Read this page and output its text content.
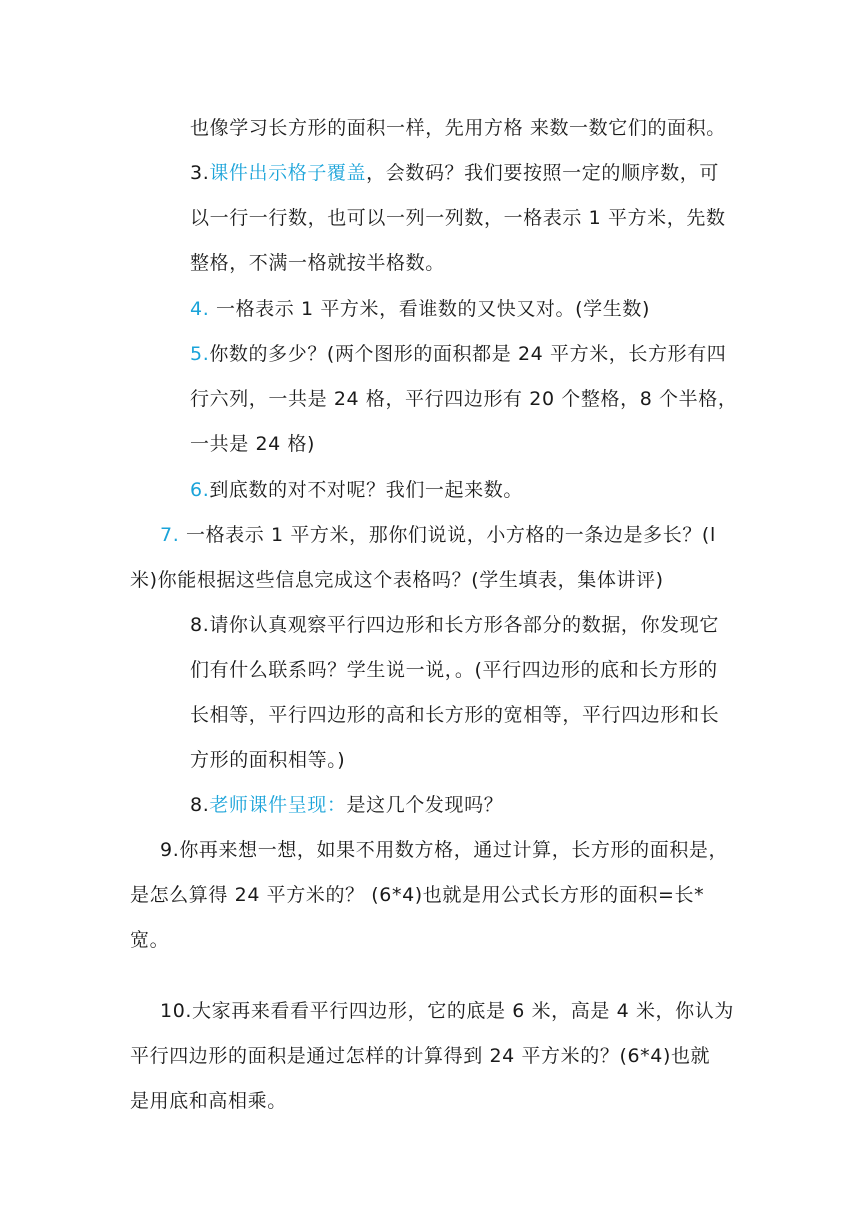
也像学习长方形的面积一样，先用方格 来数一数它们的面积。
3.课件出示格子覆盖，会数码？我们要按照一定的顺序数，可
以一行一行数，也可以一列一列数，一格表示 1 平方米，先数
整格，不满一格就按半格数。
4. 一格表示 1 平方米，看谁数的又快又对。(学生数)
5.你数的多少？(两个图形的面积都是 24 平方米，长方形有四
行六列，一共是 24 格，平行四边形有 20 个整格，8 个半格，
一共是 24 格)
6.到底数的对不对呢？我们一起来数。
7. 一格表示 1 平方米，那你们说说，小方格的一条边是多长？(l
米)你能根据这些信息完成这个表格吗？(学生填表，集体讲评)
8.请你认真观察平行四边形和长方形各部分的数据，你发现它
们有什么联系吗？学生说一说，。(平行四边形的底和长方形的
长相等，平行四边形的高和长方形的宽相等，平行四边形和长
方形的面积相等。)
8.老师课件呈现：是这几个发现吗？
9.你再来想一想，如果不用数方格，通过计算，长方形的面积是，
是怎么算得 24 平方米的？ (6*4)也就是用公式长方形的面积=长*
宽。
10.大家再来看看平行四边形，它的底是 6 米，高是 4 米，你认为
平行四边形的面积是通过怎样的计算得到 24 平方米的？(6*4)也就
是用底和高相乘。
